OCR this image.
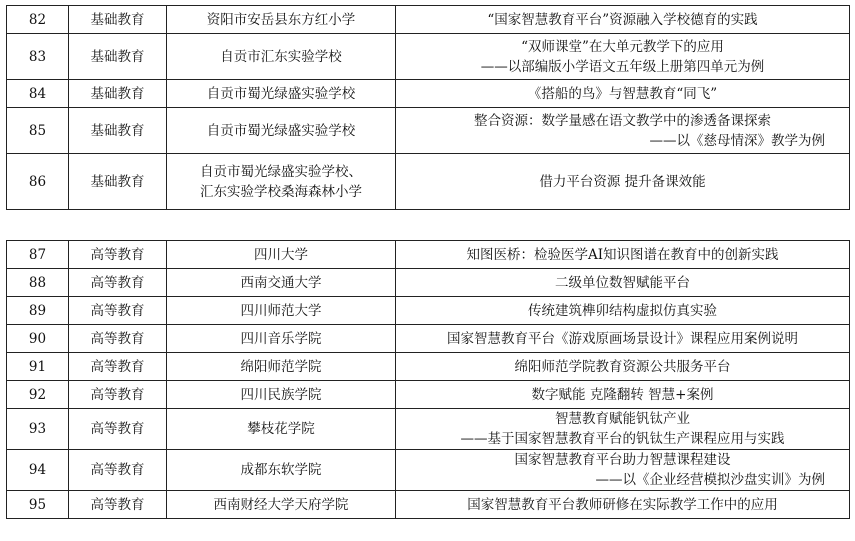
82	基础教育	资阳市安岳县东方红小学	“国家智慧教育平台”资源融入学校德育的实践
83	基础教育	自贡市汇东实验学校	“双师课堂”在大单元教学下的应用
——以部编版小学语文五年级上册第四单元为例

84	基础教育	自贡市蜀光绿盛实验学校	《搭船的鸟》与智慧教育“同飞”
85	基础教育	自贡市蜀光绿盛实验学校	整合资源：数学量感在语文教学中的渗透备课探索
——以《慈母情深》教学为例

86	基础教育	自贡市蜀光绿盛实验学校、
汇东实验学校桑海森林小学	借力平台资源 提升备课效能
87	高等教育	四川大学	知图医桥：检验医学AI知识图谱在教育中的创新实践
88	高等教育	西南交通大学	二级单位数智赋能平台
89	高等教育	四川师范大学	传统建筑榫卯结构虚拟仿真实验
90	高等教育	四川音乐学院	国家智慧教育平台《游戏原画场景设计》课程应用案例说明
91	高等教育	绵阳师范学院	绵阳师范学院教育资源公共服务平台
92	高等教育	四川民族学院	数字赋能 克隆翻转 智慧+案例
93	高等教育	攀枝花学院	智慧教育赋能钒钛产业
——基于国家智慧教育平台的钒钛生产课程应用与实践

94	高等教育	成都东软学院	国家智慧教育平台助力智慧课程建设
——以《企业经营模拟沙盘实训》为例

95	高等教育	西南财经大学天府学院	国家智慧教育平台教师研修在实际教学工作中的应用
